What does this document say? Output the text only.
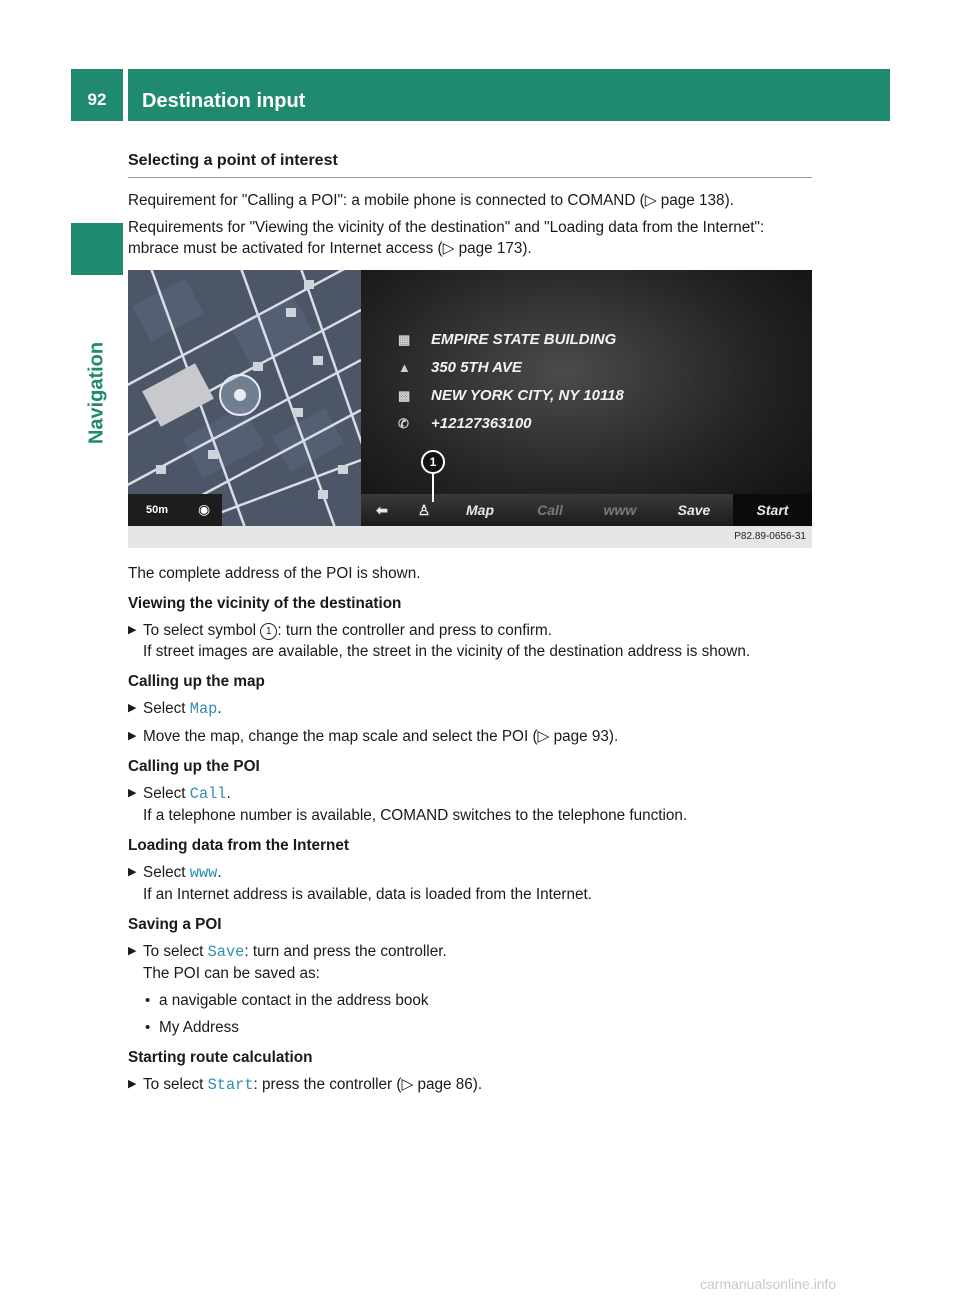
92	Destination input
Navigation
Selecting a point of interest

Requirement for "Calling a POI": a mobile phone is connected to COMAND (▷ page 138).

Requirements for "Viewing the vicinity of the destination" and "Loading data from the Internet": mbrace must be activated for Internet access (▷ page 173).

▦ EMPIRE STATE BUILDING
▲ 350 5TH AVE
▩ NEW YORK CITY, NY 10118
✆ +12127363100
50m ◉	⬅	♙	Map	Call	www	Save	Start
1
P82.89-0656-31

The complete address of the POI is shown.

Viewing the vicinity of the destination

▶ To select symbol 1 : turn the controller and press to confirm.
If street images are available, the street in the vicinity of the destination address is shown.

Calling up the map

▶ Select Map.
▶ Move the map, change the map scale and select the POI (▷ page 93).

Calling up the POI

▶ Select Call.
If a telephone number is available, COMAND switches to the telephone function.

Loading data from the Internet

▶ Select www.
If an Internet address is available, data is loaded from the Internet.

Saving a POI

▶ To select Save: turn and press the controller.
The POI can be saved as:
• a navigable contact in the address book
• My Address

Starting route calculation

▶ To select Start: press the controller (▷ page 86).
carmanualsonline.info
